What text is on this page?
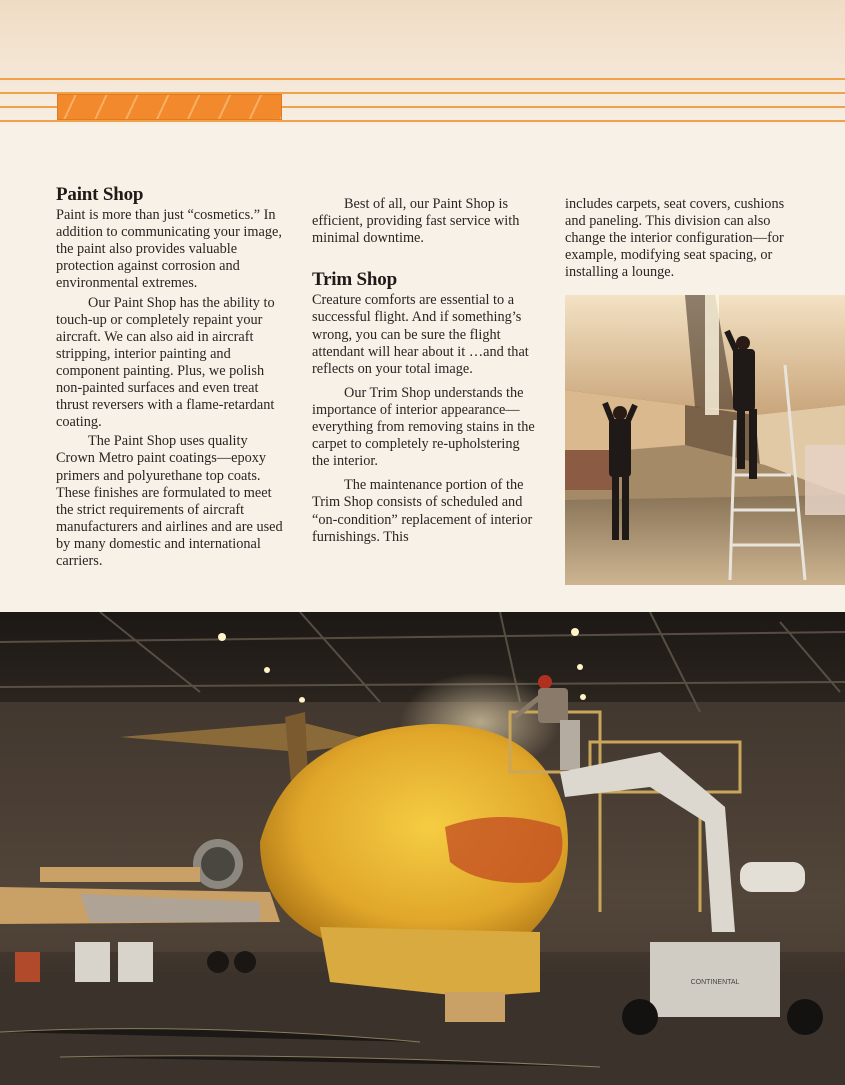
Paint Shop

Paint is more than just “cosmetics.” In addition to communicating your image, the paint also provides valuable protection against corrosion and environmental extremes.

Our Paint Shop has the ability to touch-up or completely repaint your aircraft. We can also aid in aircraft stripping, interior painting and component painting. Plus, we polish non-painted surfaces and even treat thrust reversers with a flame-retardant coating.

The Paint Shop uses quality Crown Metro paint coatings—epoxy primers and polyurethane top coats. These finishes are formulated to meet the strict requirements of aircraft manufacturers and airlines and are used by many domestic and international carriers.

Best of all, our Paint Shop is efficient, providing fast service with minimal downtime.

Trim Shop

Creature comforts are essential to a successful flight. And if something’s wrong, you can be sure the flight attendant will hear about it …and that reflects on your total image.

Our Trim Shop understands the importance of interior appearance—everything from removing stains in the carpet to completely re-upholstering the interior.

The maintenance portion of the Trim Shop consists of scheduled and “on-condition” replacement of interior furnishings. This

includes carpets, seat covers, cushions and paneling. This division can also change the interior configuration—for example, modifying seat spacing, or installing a lounge.

CONTINENTAL
